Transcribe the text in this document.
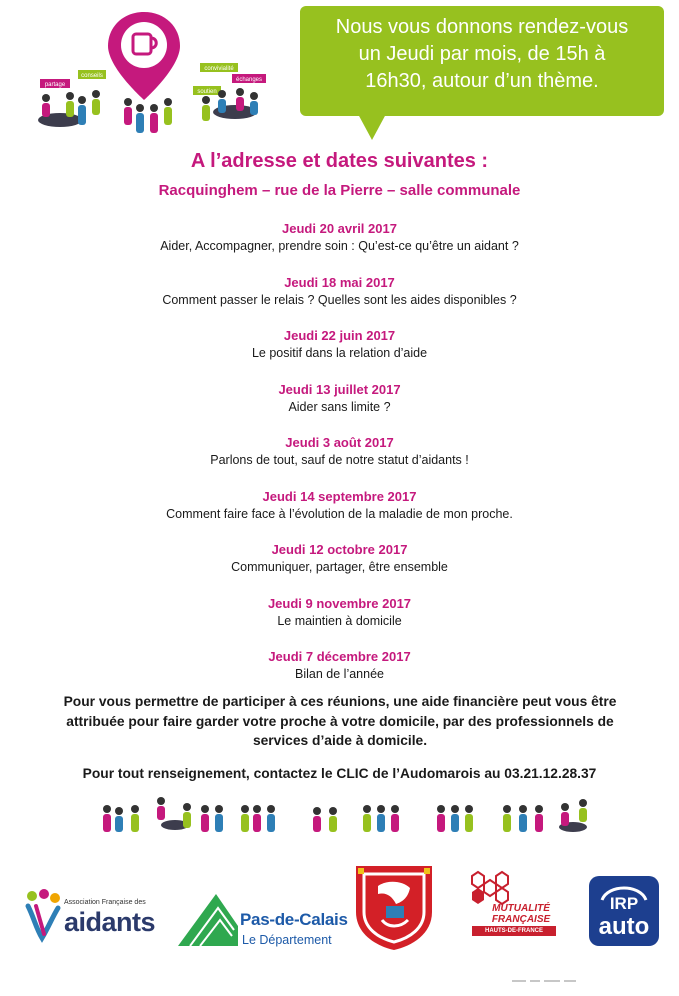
partage
conseils
convivialité
échanges
soutien
Nous vous donnons rendez-vous
un Jeudi par mois, de 15h à
16h30, autour d’un thème.
A l’adresse et dates suivantes :
Racquinghem – rue de la Pierre – salle communale
Jeudi 20 avril 2017
Aider, Accompagner, prendre soin : Qu’est-ce qu’être un aidant ?
Jeudi 18 mai 2017
Comment passer le relais ? Quelles sont les aides disponibles ?
Jeudi 22 juin 2017
Le positif dans la relation d’aide
Jeudi 13 juillet 2017
Aider sans limite ?
Jeudi 3 août 2017
Parlons de tout, sauf de notre statut d’aidants !
Jeudi 14 septembre 2017
Comment faire face à l’évolution de la maladie de mon proche.
Jeudi 12 octobre 2017
Communiquer, partager, être ensemble
Jeudi 9 novembre 2017
Le maintien à domicile
Jeudi 7 décembre 2017
Bilan de l’année
Pour vous permettre de participer à ces réunions, une aide financière peut vous être
attribuée pour faire garder votre proche à votre domicile, par des professionnels de
services d’aide à domicile.
Pour tout renseignement, contactez le CLIC de l’Audomarois au 03.21.12.28.37
Association Française des
aidants	Pas-de-Calais
Le Département
MUTUALITÉ
FRANÇAISE
HAUTS-DE-FRANCE
IRP
auto
